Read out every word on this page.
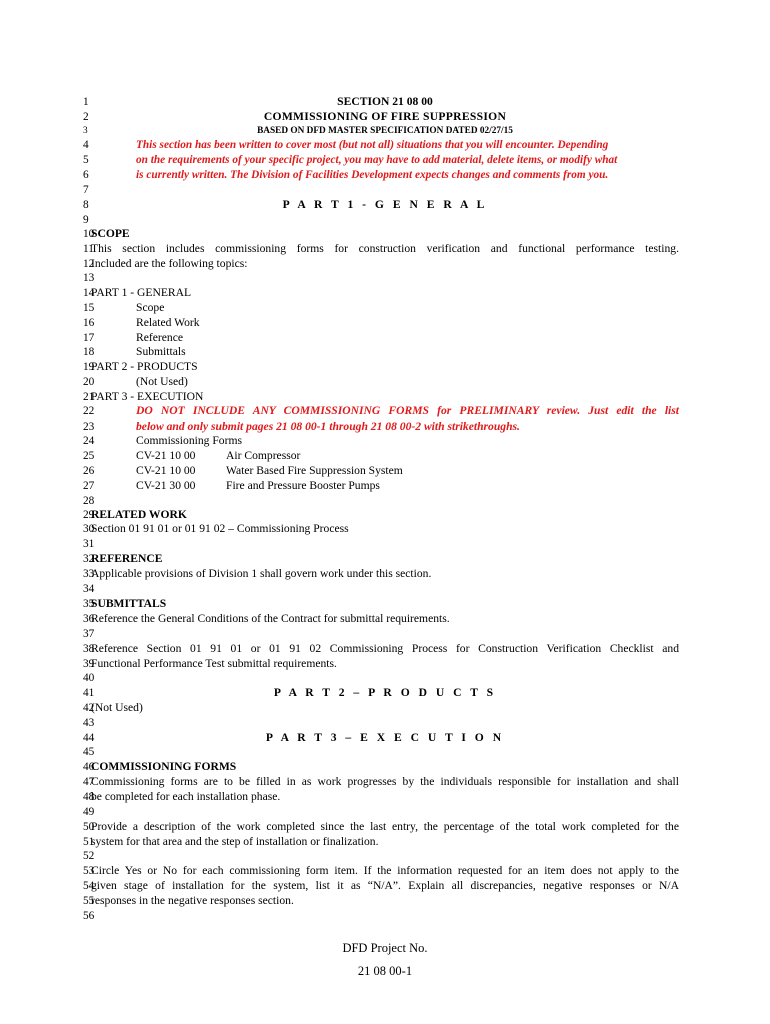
1
2
3
4
5
6
7
8
9
10
11
12
13
14
15
16
17
18
19
20
21
22
23
24
25
26
27
28
29
30
31
32
33
34
35
36
37
38
39
40
41
42
43
44
45
46
47
48
49
50
51
52
53
54
55
56
SECTION 21 08 00
COMMISSIONING OF FIRE SUPPRESSION
BASED ON DFD MASTER SPECIFICATION DATED 02/27/15
This section has been written to cover most (but not all) situations that you will encounter. Depending
on the requirements of your specific project, you may have to add material, delete items, or modify what
is currently written. The Division of Facilities Development expects changes and comments from you.
P A R T 1 - G E N E R A L
SCOPE
This section includes commissioning forms for construction verification and functional performance testing.
Included are the following topics:
PART 1 - GENERAL
Scope
Related Work
Reference
Submittals
PART 2 - PRODUCTS
(Not Used)
PART 3 - EXECUTION
DO NOT INCLUDE ANY COMMISSIONING FORMS for PRELIMINARY review. Just edit the list
below and only submit pages 21 08 00-1 through 21 08 00-2 with strikethroughs.
Commissioning Forms
CV-21 10 00	Air Compressor
CV-21 10 00	Water Based Fire Suppression System
CV-21 30 00	Fire and Pressure Booster Pumps
RELATED WORK
Section 01 91 01 or 01 91 02 – Commissioning Process
REFERENCE
Applicable provisions of Division 1 shall govern work under this section.
SUBMITTALS
Reference the General Conditions of the Contract for submittal requirements.
Reference Section 01 91 01 or 01 91 02 Commissioning Process for Construction Verification Checklist and
Functional Performance Test submittal requirements.
P A R T 2 – P R O D U C T S
(Not Used)
P A R T 3 – E X E C U T I O N
COMMISSIONING FORMS
Commissioning forms are to be filled in as work progresses by the individuals responsible for installation and shall
be completed for each installation phase.
Provide a description of the work completed since the last entry, the percentage of the total work completed for the
system for that area and the step of installation or finalization.
Circle Yes or No for each commissioning form item. If the information requested for an item does not apply to the
given stage of installation for the system, list it as “N/A”. Explain all discrepancies, negative responses or N/A
responses in the negative responses section.
DFD Project No.
21 08 00-1
